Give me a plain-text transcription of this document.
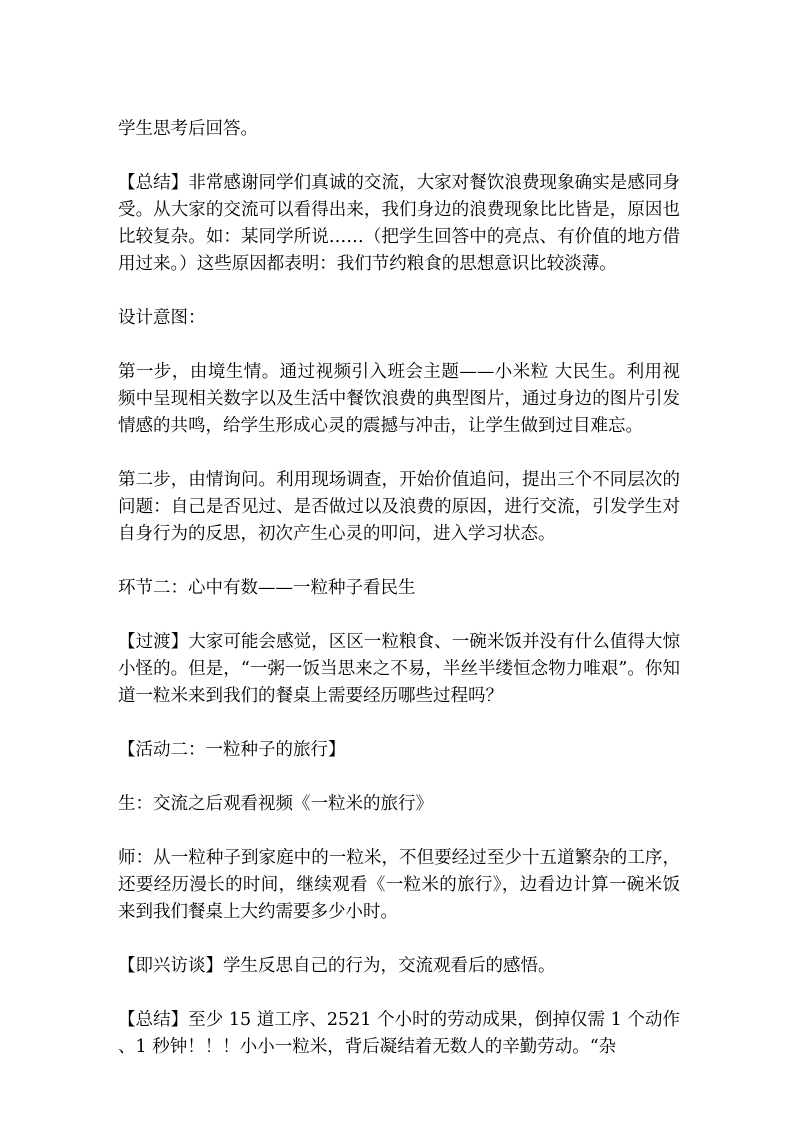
学生思考后回答。

【总结】非常感谢同学们真诚的交流，大家对餐饮浪费现象确实是感同身受。从大家的交流可以看得出来，我们身边的浪费现象比比皆是，原因也比较复杂。如：某同学所说……（把学生回答中的亮点、有价值的地方借用过来。）这些原因都表明：我们节约粮食的思想意识比较淡薄。

设计意图：

第一步，由境生情。通过视频引入班会主题——小米粒 大民生。利用视频中呈现相关数字以及生活中餐饮浪费的典型图片，通过身边的图片引发情感的共鸣，给学生形成心灵的震撼与冲击，让学生做到过目难忘。

第二步，由情询问。利用现场调查，开始价值追问，提出三个不同层次的问题：自己是否见过、是否做过以及浪费的原因，进行交流，引发学生对自身行为的反思，初次产生心灵的叩问，进入学习状态。

环节二：心中有数——一粒种子看民生

【过渡】大家可能会感觉，区区一粒粮食、一碗米饭并没有什么值得大惊小怪的。但是，“一粥一饭当思来之不易，半丝半缕恒念物力唯艰”。你知道一粒米来到我们的餐桌上需要经历哪些过程吗？

【活动二：一粒种子的旅行】

生：交流之后观看视频《一粒米的旅行》

师：从一粒种子到家庭中的一粒米，不但要经过至少十五道繁杂的工序，还要经历漫长的时间，继续观看《一粒米的旅行》，边看边计算一碗米饭来到我们餐桌上大约需要多少小时。

【即兴访谈】学生反思自己的行为，交流观看后的感悟。

【总结】至少 15 道工序、2521 个小时的劳动成果，倒掉仅需 1 个动作、1 秒钟！！！小小一粒米，背后凝结着无数人的辛勤劳动。“杂
